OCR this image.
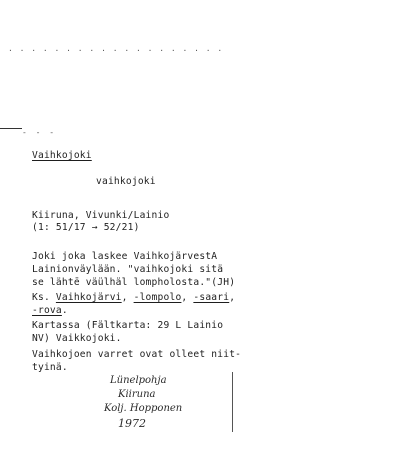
. . . . . . . . . . . . . . . . . . .
- - -
Vaihkojoki
vaihkojoki
Kiiruna, Vivunki/Lainio
(1: 51/17 → 52/21)
Joki joka laskee VaihkojärvestA
Lainionväylään. "vaihkojoki sitä
se lähtē väülhäl lompholosta."(JH)
Ks. Vaihkojärvi, -lompolo, -saari,
-rova.
Kartassa (Fältkarta: 29 L Lainio
NV) Vaikkojoki.
Vaihkojoen varret ovat olleet niit-
tyinä.
Lünelpohja
Kiiruna
Kolj. Hopponen
1972
